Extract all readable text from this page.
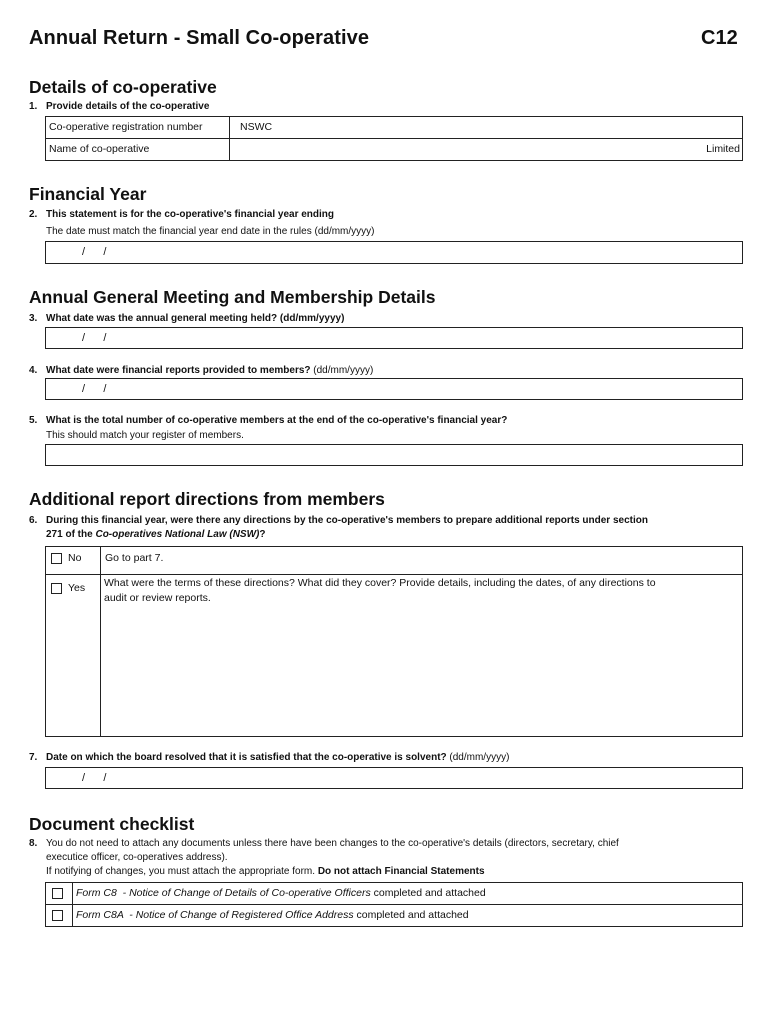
Annual Return - Small Co-operative	C12
Details of co-operative
1. Provide details of the co-operative
Co-operative registration number	NSWC
Name of co-operative	Limited
Financial Year
2. This statement is for the co-operative's financial year ending
The date must match the financial year end date in the rules (dd/mm/yyyy)
/      /
Annual General Meeting and Membership Details
3. What date was the annual general meeting held? (dd/mm/yyyy)
/      /
4. What date were financial reports provided to members? (dd/mm/yyyy)
/      /
5. What is the total number of co-operative members at the end of the co-operative's financial year?
This should match your register of members.
Additional report directions from members
6. During this financial year, were there any directions by the co-operative's members to prepare additional reports under section
271 of the Co-operatives National Law (NSW)?
No Go to part 7.
Yes What were the terms of these directions? What did they cover? Provide details, including the dates, of any directions to
audit or review reports.
7. Date on which the board resolved that it is satisfied that the co-operative is solvent? (dd/mm/yyyy)
/      /
Document checklist
8. You do not need to attach any documents unless there have been changes to the co-operative's details (directors, secretary, chief
executice officer, co-operatives address).
If notifying of changes, you must attach the appropriate form. Do not attach Financial Statements
Form C8  - Notice of Change of Details of Co-operative Officers completed and attached
Form C8A  - Notice of Change of Registered Office Address completed and attached
